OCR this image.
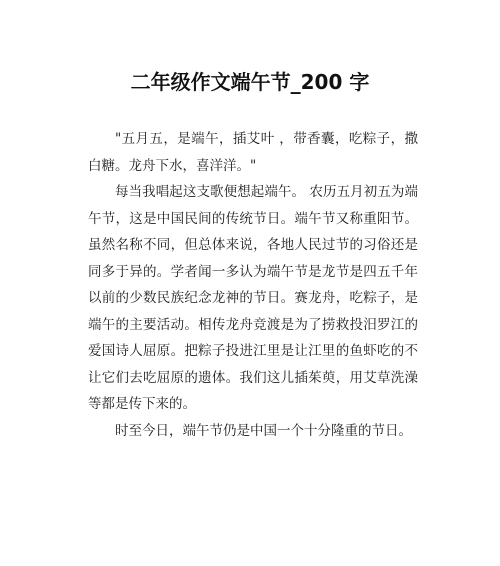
二年级作文端午节_200 字

"五月五，是端午，插艾叶 ，带香囊，吃粽子，撒白糖。龙舟下水，喜洋洋。"

每当我唱起这支歌便想起端午。 农历五月初五为端午节，这是中国民间的传统节日。端午节又称重阳节。虽然名称不同，但总体来说，各地人民过节的习俗还是同多于异的。学者闻一多认为端午节是龙节是四五千年以前的少数民族纪念龙神的节日。赛龙舟，吃粽子，是端午的主要活动。相传龙舟竞渡是为了捞救投汨罗江的爱国诗人屈原。把粽子投进江里是让江里的鱼虾吃的不让它们去吃屈原的遗体。我们这儿插茱萸，用艾草洗澡等都是传下来的。

时至今日，端午节仍是中国一个十分隆重的节日。
